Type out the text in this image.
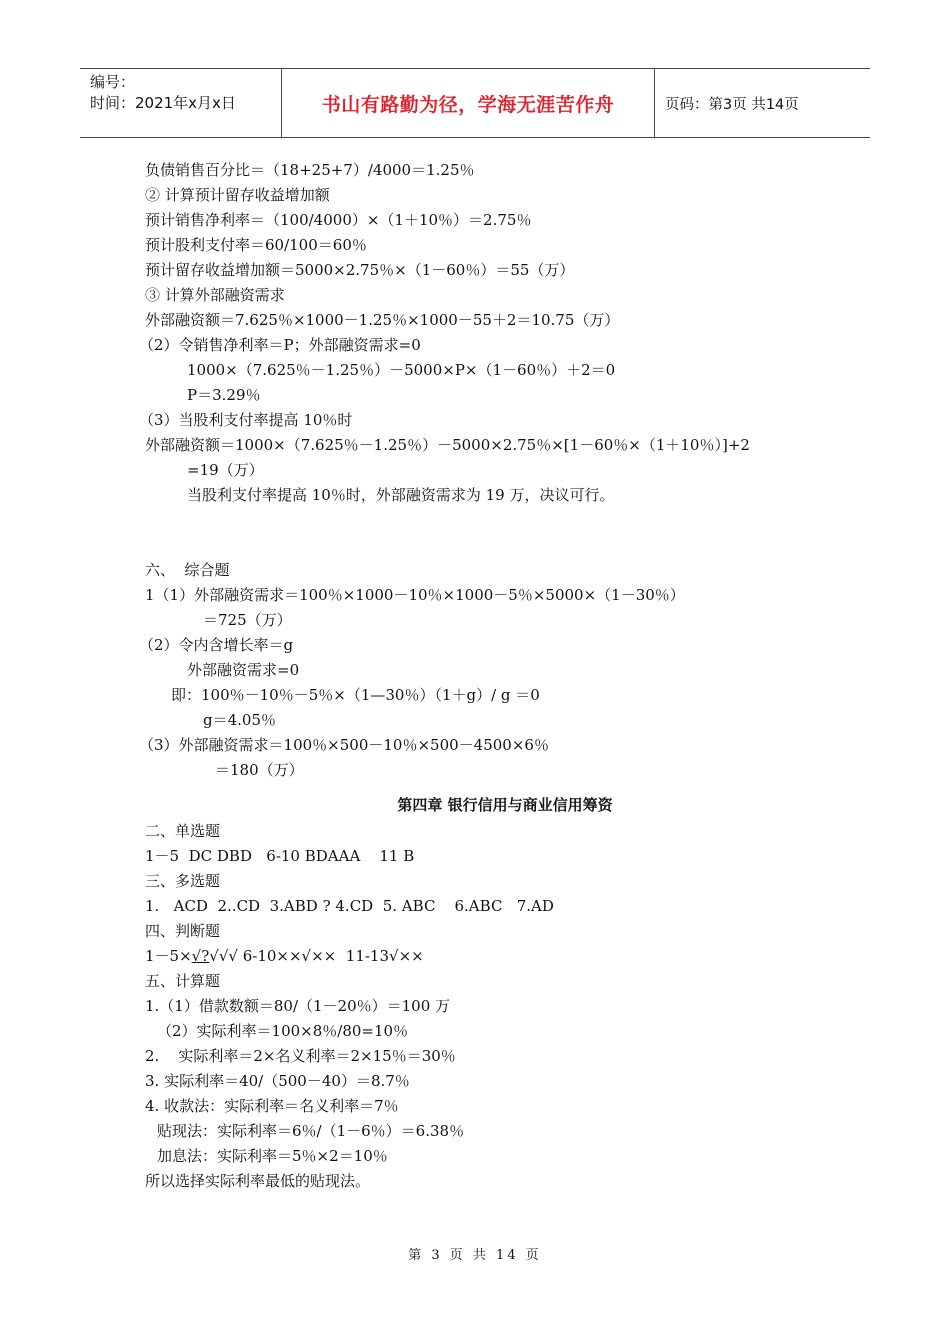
编号：
时间：2021年x月x日	书山有路勤为径，学海无涯苦作舟	页码：第3页 共14页
负债销售百分比＝（18+25+7）/4000＝1.25％
② 计算预计留存收益增加额
预计销售净利率＝（100/4000）×（1＋10％）＝2.75％
预计股利支付率＝60/100＝60％
预计留存收益增加额＝5000×2.75％×（1－60％）＝55（万）
③ 计算外部融资需求
外部融资额＝7.625％×1000－1.25％×1000－55＋2＝10.75（万）
（2）令销售净利率＝P；外部融资需求=0
1000×（7.625％－1.25％）－5000×P×（1－60％）＋2＝0
P＝3.29％
（3）当股利支付率提高 10％时
外部融资额＝1000×（7.625％－1.25％）－5000×2.75％×[1－60％×（1＋10％）]+2
=19（万）
当股利支付率提高 10％时，外部融资需求为 19 万，决议可行。
六、  综合题
1（1）外部融资需求＝100％×1000－10％×1000－5％×5000×（1－30％）
＝725（万）
（2）令内含增长率＝g
外部融资需求=0
即：100％－10％－5％×（1—30％）（1＋g）/ g ＝0
g＝4.05％
（3）外部融资需求＝100％×500－10％×500－4500×6％
＝180（万）
第四章 银行信用与商业信用筹资
二、单选题
1－5  DC DBD   6-10 BDAAA    11 B
三、多选题
1.   ACD  2..CD  3.ABD ? 4.CD  5. ABC    6.ABC   7.AD
四、判断题
1－5×√?√√√ 6-10××√××  11-13√××
五、计算题
1.（1）借款数额＝80/（1－20％）＝100 万
（2）实际利率＝100×8％/80=10％
2.    实际利率＝2×名义利率＝2×15％＝30％
3. 实际利率＝40/（500－40）＝8.7％
4. 收款法：实际利率＝名义利率＝7％
贴现法：实际利率＝6％/（1－6％）＝6.38％
加息法：实际利率＝5％×2＝10％
所以选择实际利率最低的贴现法。
第 3 页 共 14 页
